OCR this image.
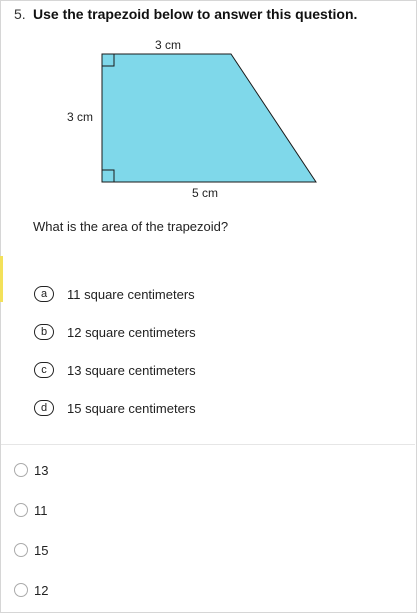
5. Use the trapezoid below to answer this question.
3 cm
3 cm
5 cm
What is the area of the trapezoid?
a	11 square centimeters
b	12 square centimeters
c	13 square centimeters
d	15 square centimeters
13
11
15
12
